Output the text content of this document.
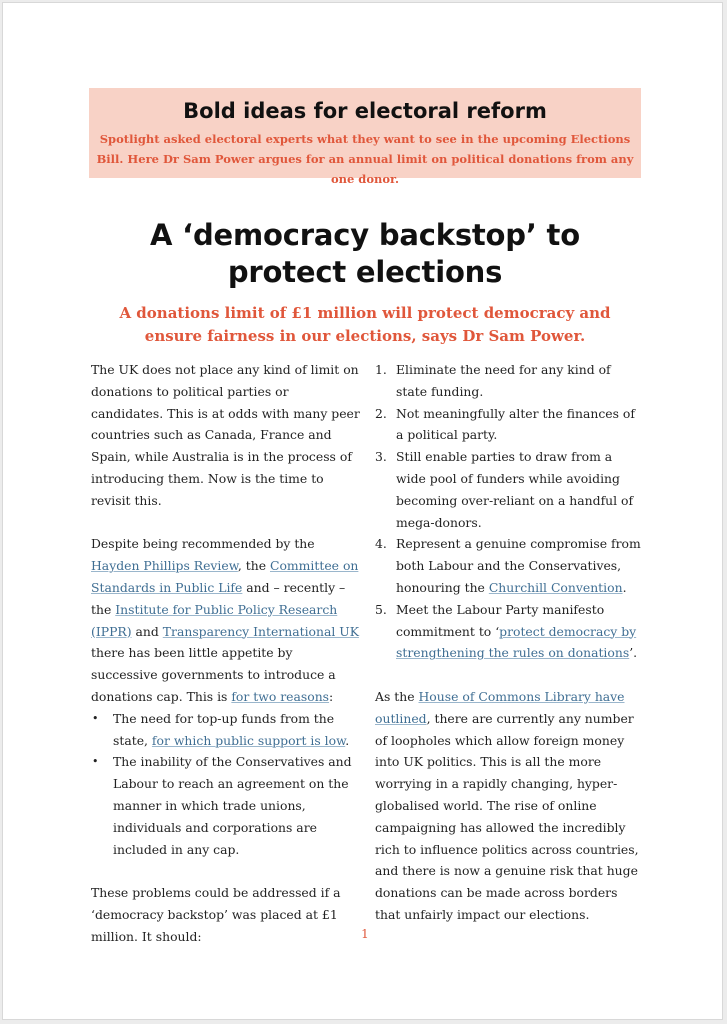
Bold ideas for electoral reform
Spotlight asked electoral experts what they want to see in the upcoming Elections Bill. Here Dr Sam Power argues for an annual limit on political donations from any one donor.
A ‘democracy backstop’ to protect elections
A donations limit of £1 million will protect democracy and ensure fairness in our elections, says Dr Sam Power.

The UK does not place any kind of limit on donations to political parties or candidates. This is at odds with many peer countries such as Canada, France and Spain, while Australia is in the process of introducing them. Now is the time to revisit this.

Despite being recommended by the Hayden Phillips Review, the Committee on Standards in Public Life and – recently – the Institute for Public Policy Research (IPPR) and Transparency International UK there has been little appetite by successive governments to introduce a donations cap. This is for two reasons:

• The need for top-up funds from the state, for which public support is low.
• The inability of the Conservatives and Labour to reach an agreement on the manner in which trade unions, individuals and corporations are included in any cap.

These problems could be addressed if a ‘democracy backstop’ was placed at £1 million. It should:

1. Eliminate the need for any kind of state funding.
2. Not meaningfully alter the finances of a political party.
3. Still enable parties to draw from a wide pool of funders while avoiding becoming over-reliant on a handful of mega-donors.
4. Represent a genuine compromise from both Labour and the Conservatives, honouring the Churchill Convention.
5. Meet the Labour Party manifesto commitment to ‘protect democracy by strengthening the rules on donations’.

As the House of Commons Library have outlined, there are currently any number of loopholes which allow foreign money into UK politics. This is all the more worrying in a rapidly changing, hyper-globalised world. The rise of online campaigning has allowed the incredibly rich to influence politics across countries, and there is now a genuine risk that huge donations can be made across borders that unfairly impact our elections.

1
